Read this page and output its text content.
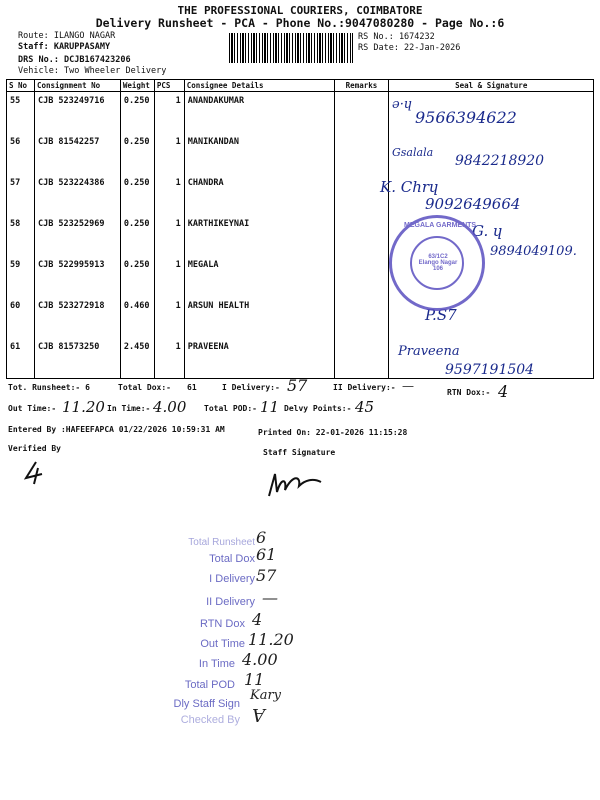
THE PROFESSIONAL COURIERS, COIMBATORE
Delivery Runsheet - PCA - Phone No.:9047080280 - Page No.:6
Route: ILANGO NAGAR
Staff: KARUPPASAMY
DRS No.: DCJB167423206
Vehicle: Two Wheeler Delivery
RS No.: 1674232
RS Date: 22-Jan-2026
S No	Consignment No	Weight	PCS	Consignee Details	Remarks	Seal & Signature
55	CJB 523249716	0.250	1	ANANDAKUMAR		
56	CJB 81542257	0.250	1	MANIKANDAN		
57	CJB 523224386	0.250	1	CHANDRA		
58	CJB 523252969	0.250	1	KARTHIKEYNAI		
59	CJB 522995913	0.250	1	MEGALA		
60	CJB 523272918	0.460	1	ARSUN HEALTH		
61	CJB 81573250	2.450	1	PRAVEENA		
ə·ɥ
9566394622
Gsalala
9842218920
K. Chrɥ
9092649664
G. ɥ
9894049109.
P.S7
Praveena
9597191504
MEGALA GARMENTS
63/1C2 Elango Nagar 106
Tot. Runsheet:- 6	Total Dox:- 61	I Delivery:- 57	II Delivery:- —	RTN Dox:- 4
Out Time:- 11.20 In Time:- 4.00 Total POD:- 11 Delvy Points:- 45
Entered By :HAFEEFAPCA 01/22/2026 10:59:31 AM	Printed On: 22-01-2026 11:15:28
Verified By	Staff Signature
Total Runsheet 6
Total Dox 61
I Delivery 57
II Delivery —
RTN Dox 4
Out Time 11.20
In Time 4.00
Total POD 11
Dly Staff Sign
Kary
Checked By Ɐ
